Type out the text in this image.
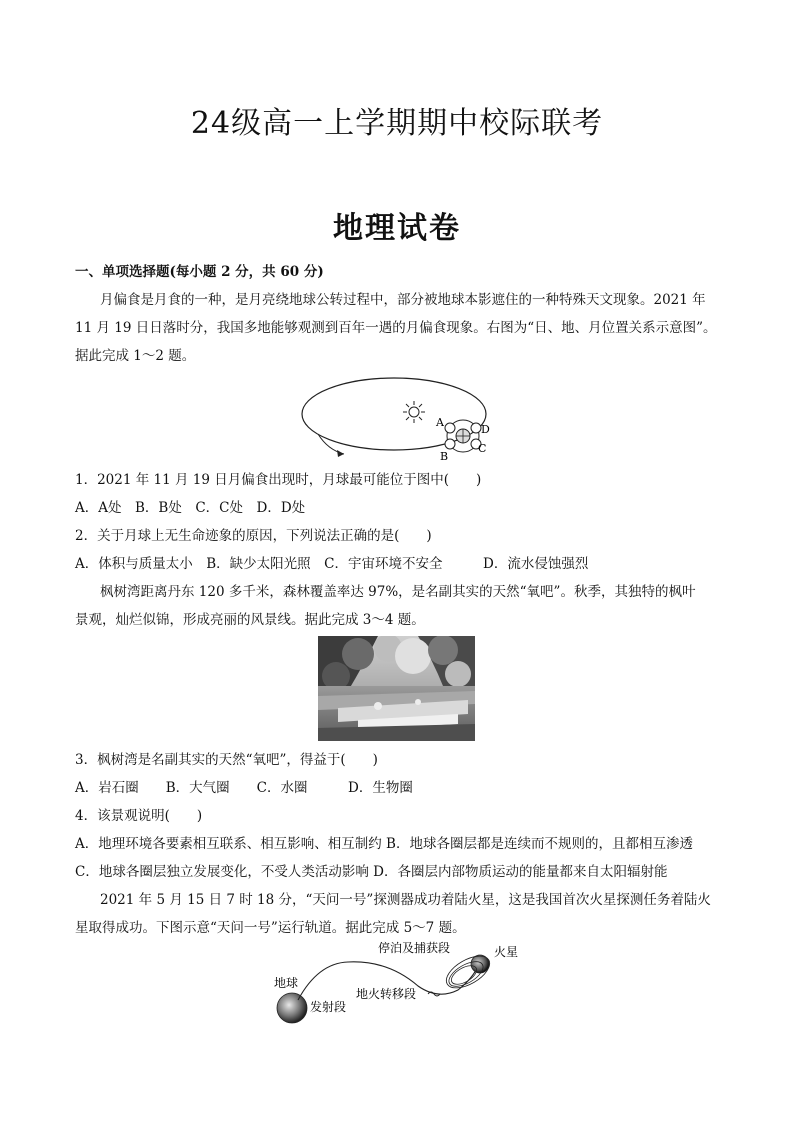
24级高一上学期期中校际联考
地理试卷
一、单项选择题(每小题 2 分，共 60 分)
月偏食是月食的一种，是月亮绕地球公转过程中，部分被地球本影遮住的一种特殊天文现象。2021 年
11 月 19 日日落时分，我国多地能够观测到百年一遇的月偏食现象。右图为“日、地、月位置关系示意图”。
据此完成 1～2 题。
A
B
C
D
1．2021 年 11 月 19 日月偏食出现时，月球最可能位于图中(　　)
A．A处　B．B处　C．C处　D．D处
2．关于月球上无生命迹象的原因，下列说法正确的是(　　)
A．体积与质量太小　B．缺少太阳光照　C．宇宙环境不安全　　　D．流水侵蚀强烈
枫树湾距离丹东 120 多千米，森林覆盖率达 97%，是名副其实的天然“氧吧”。秋季，其独特的枫叶
景观，灿烂似锦，形成亮丽的风景线。据此完成 3～4 题。
3．枫树湾是名副其实的天然“氧吧”，得益于(　　)
A．岩石圈　　B．大气圈　　C．水圈　　　D．生物圈
4．该景观说明(　　)
A．地理环境各要素相互联系、相互影响、相互制约 B．地球各圈层都是连续而不规则的，且都相互渗透
C．地球各圈层独立发展变化，不受人类活动影响 D．各圈层内部物质运动的能量都来自太阳辐射能
2021 年 5 月 15 日 7 时 18 分，“天问一号”探测器成功着陆火星，这是我国首次火星探测任务着陆火
星取得成功。下图示意“天问一号”运行轨道。据此完成 5～7 题。
地球
发射段
地火转移段
停泊及捕获段	火星
